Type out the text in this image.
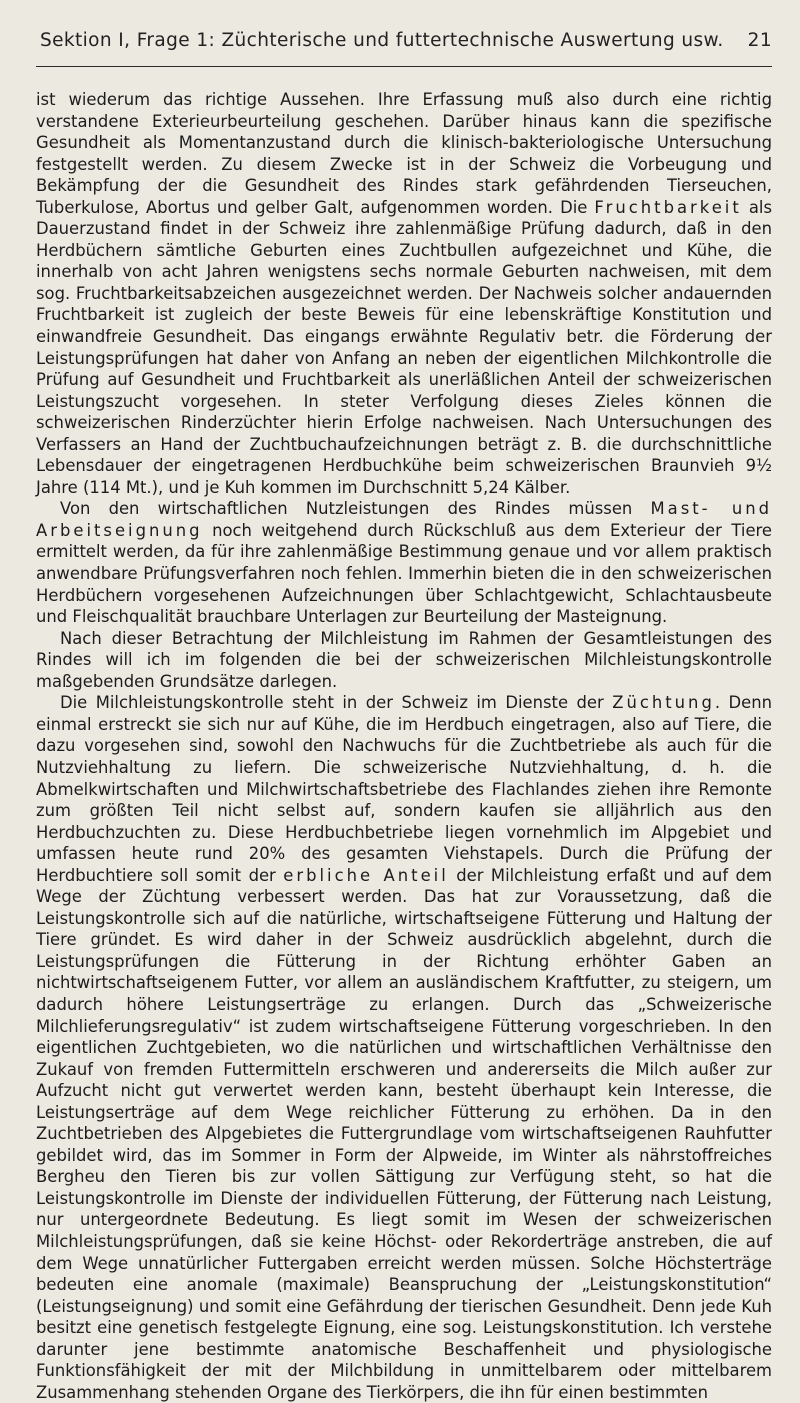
Sektion I, Frage 1: Züchterische und futtertechnische Auswertung usw. 21

ist wiederum das richtige Aussehen. Ihre Erfassung muß also durch eine richtig verstandene Exterieurbeurteilung geschehen. Darüber hinaus kann die spezifische Gesundheit als Momentanzustand durch die klinisch-bakteriologische Untersuchung festgestellt werden. Zu diesem Zwecke ist in der Schweiz die Vorbeugung und Bekämpfung der die Gesundheit des Rindes stark gefährdenden Tierseuchen, Tuberkulose, Abortus und gelber Galt, aufgenommen worden. Die Fruchtbarkeit als Dauerzustand findet in der Schweiz ihre zahlenmäßige Prüfung dadurch, daß in den Herdbüchern sämtliche Geburten eines Zuchtbullen aufgezeichnet und Kühe, die innerhalb von acht Jahren wenigstens sechs normale Geburten nachweisen, mit dem sog. Fruchtbarkeitsabzeichen ausgezeichnet werden. Der Nachweis solcher andauernden Fruchtbarkeit ist zugleich der beste Beweis für eine lebenskräftige Konstitution und einwandfreie Gesundheit. Das eingangs erwähnte Regulativ betr. die Förderung der Leistungsprüfungen hat daher von Anfang an neben der eigentlichen Milchkontrolle die Prüfung auf Gesundheit und Fruchtbarkeit als unerläßlichen Anteil der schweizerischen Leistungszucht vorgesehen. In steter Verfolgung dieses Zieles können die schweizerischen Rinderzüchter hierin Erfolge nachweisen. Nach Untersuchungen des Verfassers an Hand der Zuchtbuchaufzeichnungen beträgt z. B. die durchschnittliche Lebensdauer der eingetragenen Herdbuchkühe beim schweizerischen Braunvieh 9½ Jahre (114 Mt.), und je Kuh kommen im Durchschnitt 5,24 Kälber.

Von den wirtschaftlichen Nutzleistungen des Rindes müssen Mast- und Arbeitseignung noch weitgehend durch Rückschluß aus dem Exterieur der Tiere ermittelt werden, da für ihre zahlenmäßige Bestimmung genaue und vor allem praktisch anwendbare Prüfungsverfahren noch fehlen. Immerhin bieten die in den schweizerischen Herdbüchern vorgesehenen Aufzeichnungen über Schlachtgewicht, Schlachtausbeute und Fleischqualität brauchbare Unterlagen zur Beurteilung der Masteignung.

Nach dieser Betrachtung der Milchleistung im Rahmen der Gesamtleistungen des Rindes will ich im folgenden die bei der schweizerischen Milchleistungskontrolle maßgebenden Grundsätze darlegen.

Die Milchleistungskontrolle steht in der Schweiz im Dienste der Züchtung. Denn einmal erstreckt sie sich nur auf Kühe, die im Herdbuch eingetragen, also auf Tiere, die dazu vorgesehen sind, sowohl den Nachwuchs für die Zuchtbetriebe als auch für die Nutzviehhaltung zu liefern. Die schweizerische Nutzviehhaltung, d. h. die Abmelkwirtschaften und Milchwirtschaftsbetriebe des Flachlandes ziehen ihre Remonte zum größten Teil nicht selbst auf, sondern kaufen sie alljährlich aus den Herdbuchzuchten zu. Diese Herdbuchbetriebe liegen vornehmlich im Alpgebiet und umfassen heute rund 20% des gesamten Viehstapels. Durch die Prüfung der Herdbuchtiere soll somit der erbliche Anteil der Milchleistung erfaßt und auf dem Wege der Züchtung verbessert werden. Das hat zur Voraussetzung, daß die Leistungskontrolle sich auf die natürliche, wirtschaftseigene Fütterung und Haltung der Tiere gründet. Es wird daher in der Schweiz ausdrücklich abgelehnt, durch die Leistungsprüfungen die Fütterung in der Richtung erhöhter Gaben an nichtwirtschaftseigenem Futter, vor allem an ausländischem Kraftfutter, zu steigern, um dadurch höhere Leistungserträge zu erlangen. Durch das „Schweizerische Milchlieferungsregulativ“ ist zudem wirtschaftseigene Fütterung vorgeschrieben. In den eigentlichen Zuchtgebieten, wo die natürlichen und wirtschaftlichen Verhältnisse den Zukauf von fremden Futtermitteln erschweren und andererseits die Milch außer zur Aufzucht nicht gut verwertet werden kann, besteht überhaupt kein Interesse, die Leistungserträge auf dem Wege reichlicher Fütterung zu erhöhen. Da in den Zuchtbetrieben des Alpgebietes die Futtergrundlage vom wirtschaftseigenen Rauhfutter gebildet wird, das im Sommer in Form der Alpweide, im Winter als nährstoffreiches Bergheu den Tieren bis zur vollen Sättigung zur Verfügung steht, so hat die Leistungskontrolle im Dienste der individuellen Fütterung, der Fütterung nach Leistung, nur untergeordnete Bedeutung. Es liegt somit im Wesen der schweizerischen Milchleistungsprüfungen, daß sie keine Höchst- oder Rekorderträge anstreben, die auf dem Wege unnatürlicher Futtergaben erreicht werden müssen. Solche Höchsterträge bedeuten eine anomale (maximale) Beanspruchung der „Leistungskonstitution“ (Leistungseignung) und somit eine Gefährdung der tierischen Gesundheit. Denn jede Kuh besitzt eine genetisch festgelegte Eignung, eine sog. Leistungskonstitution. Ich verstehe darunter jene bestimmte anatomische Beschaffenheit und physiologische Funktionsfähigkeit der mit der Milchbildung in unmittelbarem oder mittelbarem Zusammenhang stehenden Organe des Tierkörpers, die ihn für einen bestimmten
